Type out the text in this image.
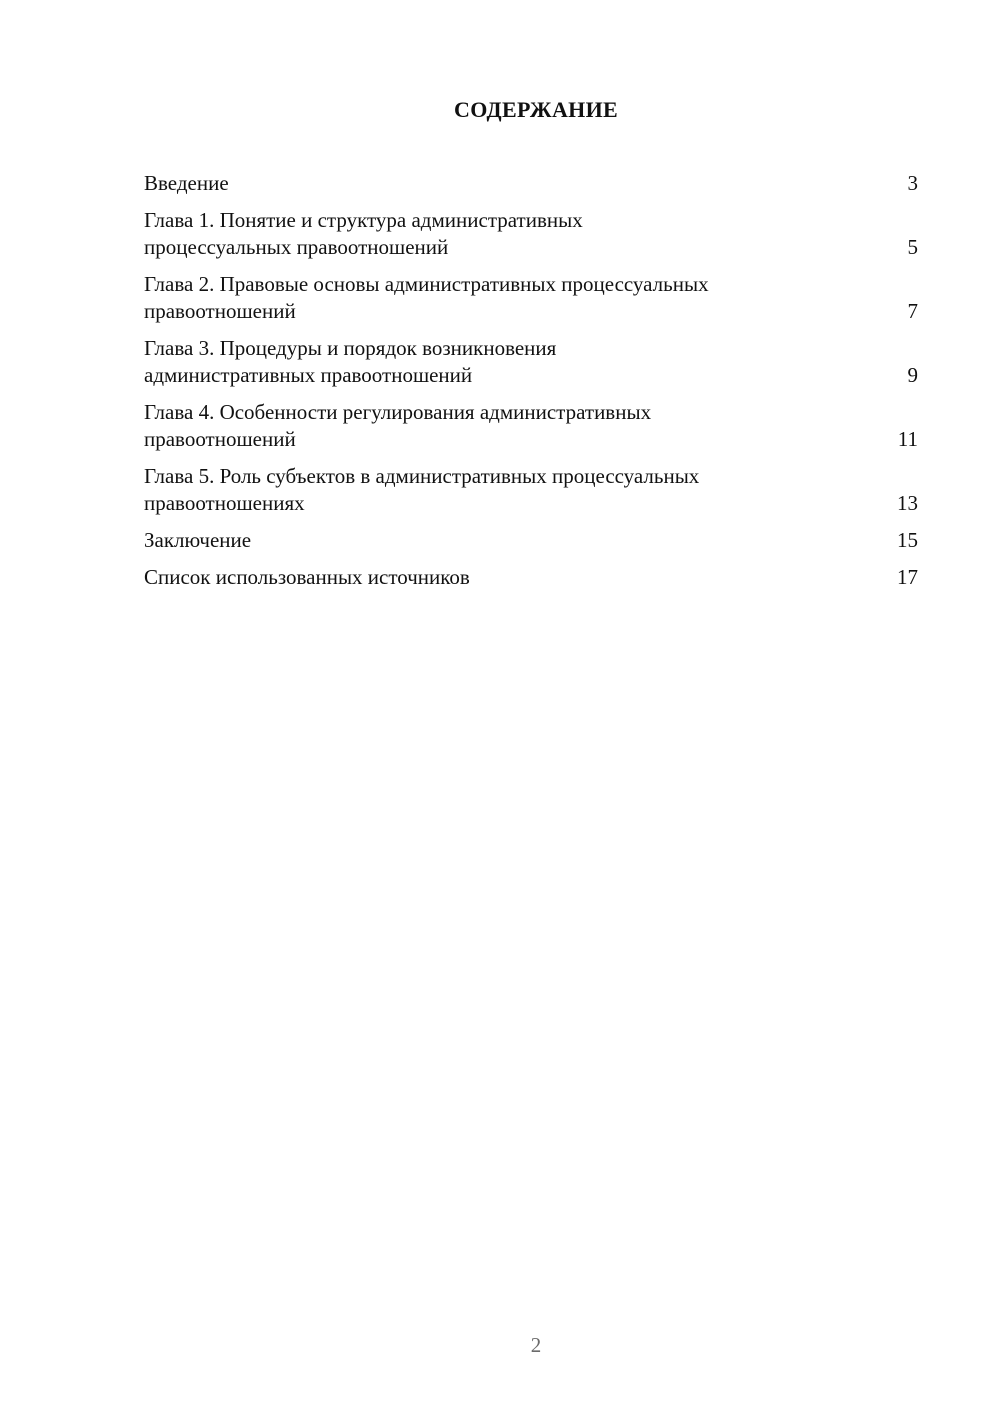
СОДЕРЖАНИЕ
Введение	3
Глава 1. Понятие и структура административных
процессуальных правоотношений	5
Глава 2. Правовые основы административных процессуальных
правоотношений	7
Глава 3. Процедуры и порядок возникновения
административных правоотношений	9
Глава 4. Особенности регулирования административных
правоотношений	11
Глава 5. Роль субъектов в административных процессуальных
правоотношениях	13
Заключение	15
Список использованных источников	17
2
